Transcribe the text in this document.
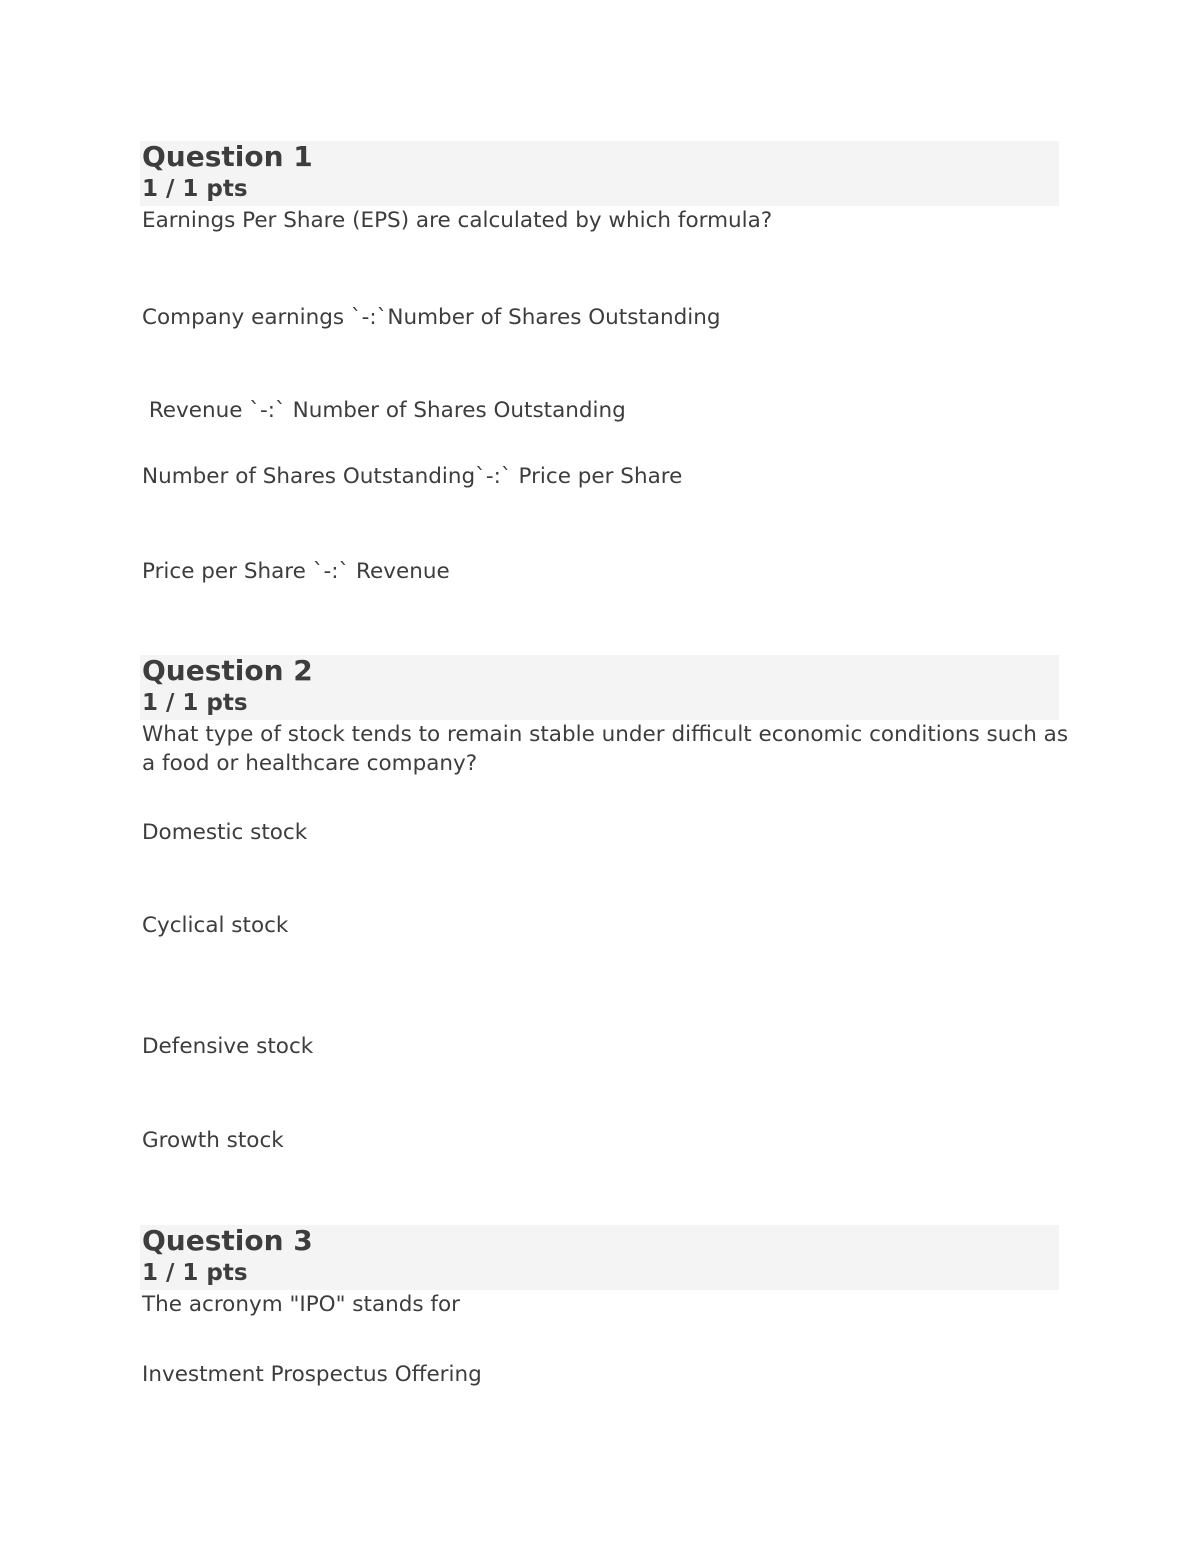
Question 1
1 / 1 pts
Earnings Per Share (EPS) are calculated by which formula?
Company earnings `-:`Number of Shares Outstanding
Revenue `-:` Number of Shares Outstanding
Number of Shares Outstanding`-:` Price per Share
Price per Share `-:` Revenue
Question 2
1 / 1 pts
What type of stock tends to remain stable under difficult economic conditions such as a food or healthcare company?
Domestic stock
Cyclical stock
Defensive stock
Growth stock
Question 3
1 / 1 pts
The acronym "IPO" stands for
Investment Prospectus Offering
